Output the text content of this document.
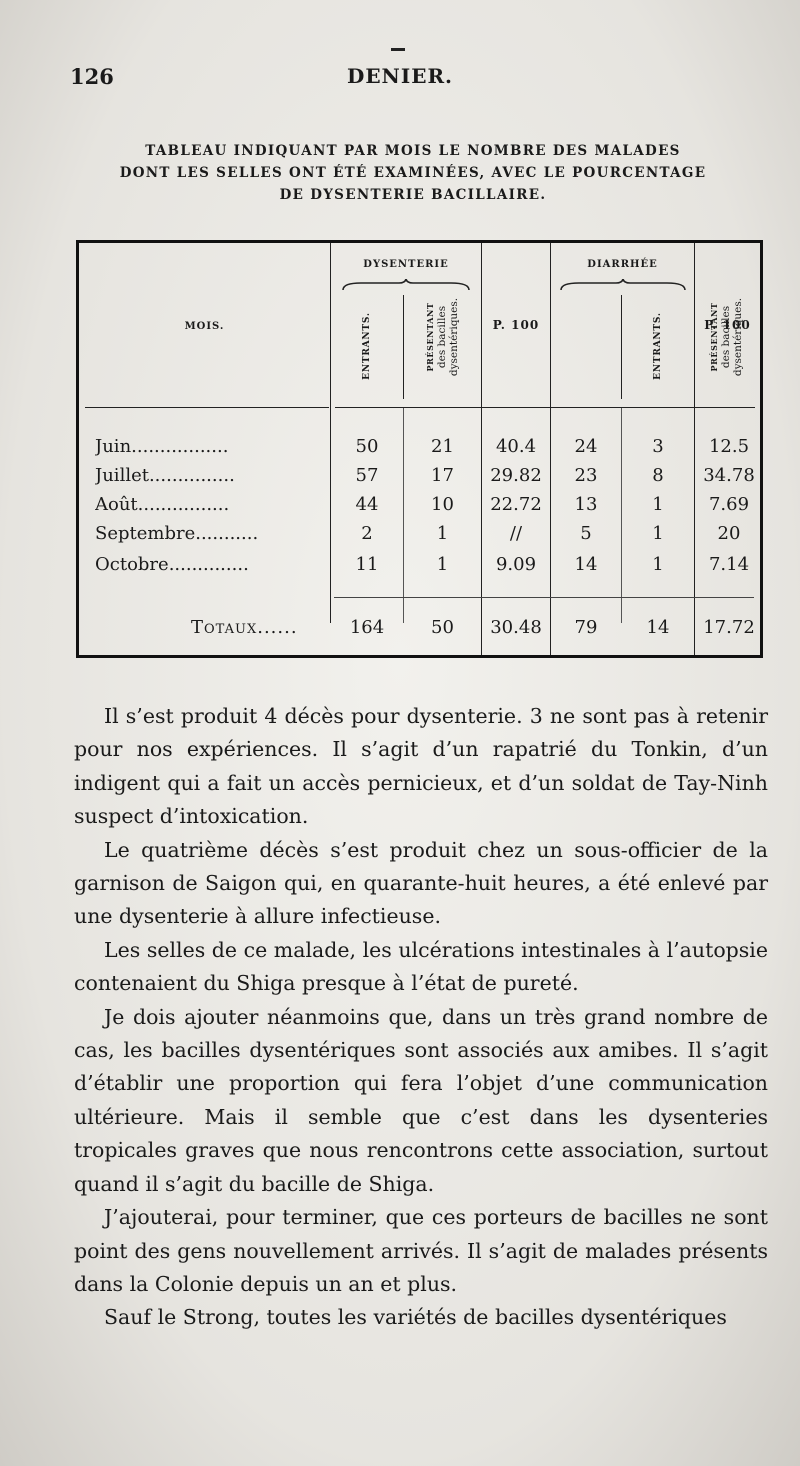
126	DENIER.
TABLEAU INDIQUANT PAR MOIS LE NOMBRE DES MALADES
DONT LES SELLES ONT ÉTÉ EXAMINÉES, AVEC LE POURCENTAGE
DE DYSENTERIE BACILLAIRE.
MOIS.
DYSENTERIE	DIARRHÉE
P. 100	P. 100
ENTRANTS.	PRÉSENTANT des bacilles dysentériques.	ENTRANTS.	PRÉSENTANT des bacilles dysentériques.
Juin.................	50	21	40.4	24	3	12.5
Juillet...............	57	17	29.82	23	8	34.78
Août................	44	10	22.72	13	1	7.69
Septembre...........	2	1	//	5	1	20
Octobre..............	11	1	9.09	14	1	7.14
Totaux......	164	50	30.48	79	14	17.72

Il s’est produit 4 décès pour dysenterie. 3 ne sont pas à retenir pour nos expériences. Il s’agit d’un rapatrié du Tonkin, d’un indigent qui a fait un accès pernicieux, et d’un soldat de Tay-Ninh suspect d’intoxication.

Le quatrième décès s’est produit chez un sous-officier de la garnison de Saigon qui, en quarante-huit heures, a été enlevé par une dysenterie à allure infectieuse.

Les selles de ce malade, les ulcérations intestinales à l’autopsie contenaient du Shiga presque à l’état de pureté.

Je dois ajouter néanmoins que, dans un très grand nombre de cas, les bacilles dysentériques sont associés aux amibes. Il s’agit d’établir une proportion qui fera l’objet d’une communication ultérieure. Mais il semble que c’est dans les dysenteries tropicales graves que nous rencontrons cette association, surtout quand il s’agit du bacille de Shiga.

J’ajouterai, pour terminer, que ces porteurs de bacilles ne sont point des gens nouvellement arrivés. Il s’agit de malades présents dans la Colonie depuis un an et plus.

Sauf le Strong, toutes les variétés de bacilles dysentériques
